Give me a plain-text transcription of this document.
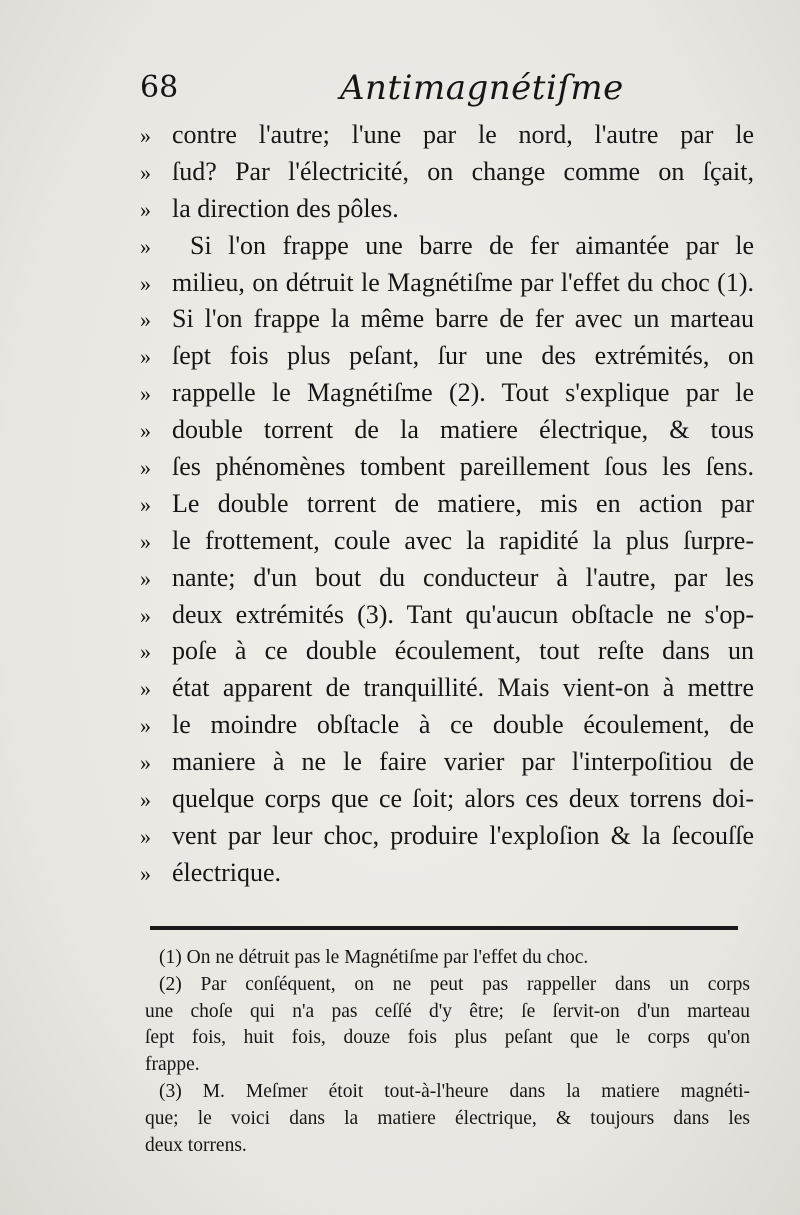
68	Antimagnétiſme
» contre l'autre; l'une par le nord, l'autre par le
» ſud? Par l'électricité, on change comme on ſçait,
» la direction des pôles.
»	Si l'on frappe une barre de fer aimantée par le
» milieu, on détruit le Magnétiſme par l'effet du choc (1).
» Si l'on frappe la même barre de fer avec un marteau
» ſept fois plus peſant, ſur une des extrémités, on
» rappelle le Magnétiſme (2). Tout s'explique par le
» double torrent de la matiere électrique, & tous
» ſes phénomènes tombent pareillement ſous les ſens.
» Le double torrent de matiere, mis en action par
» le frottement, coule avec la rapidité la plus ſurpre-
» nante; d'un bout du conducteur à l'autre, par les
» deux extrémités (3). Tant qu'aucun obſtacle ne s'op-
» poſe à ce double écoulement, tout reſte dans un
» état apparent de tranquillité. Mais vient-on à mettre
» le moindre obſtacle à ce double écoulement, de
» maniere à ne le faire varier par l'interpoſitiou de
» quelque corps que ce ſoit; alors ces deux torrens doi-
» vent par leur choc, produire l'exploſion & la ſecouſſe
» électrique.
(1) On ne détruit pas le Magnétiſme par l'effet du choc.
(2) Par conſéquent, on ne peut pas rappeller dans un corps
une choſe qui n'a pas ceſſé d'y être; ſe ſervit-on d'un marteau
ſept fois, huit fois, douze fois plus peſant que le corps qu'on
frappe.
(3) M. Meſmer étoit tout-à-l'heure dans la matiere magnéti-
que; le voici dans la matiere électrique, & toujours dans les
deux torrens.
